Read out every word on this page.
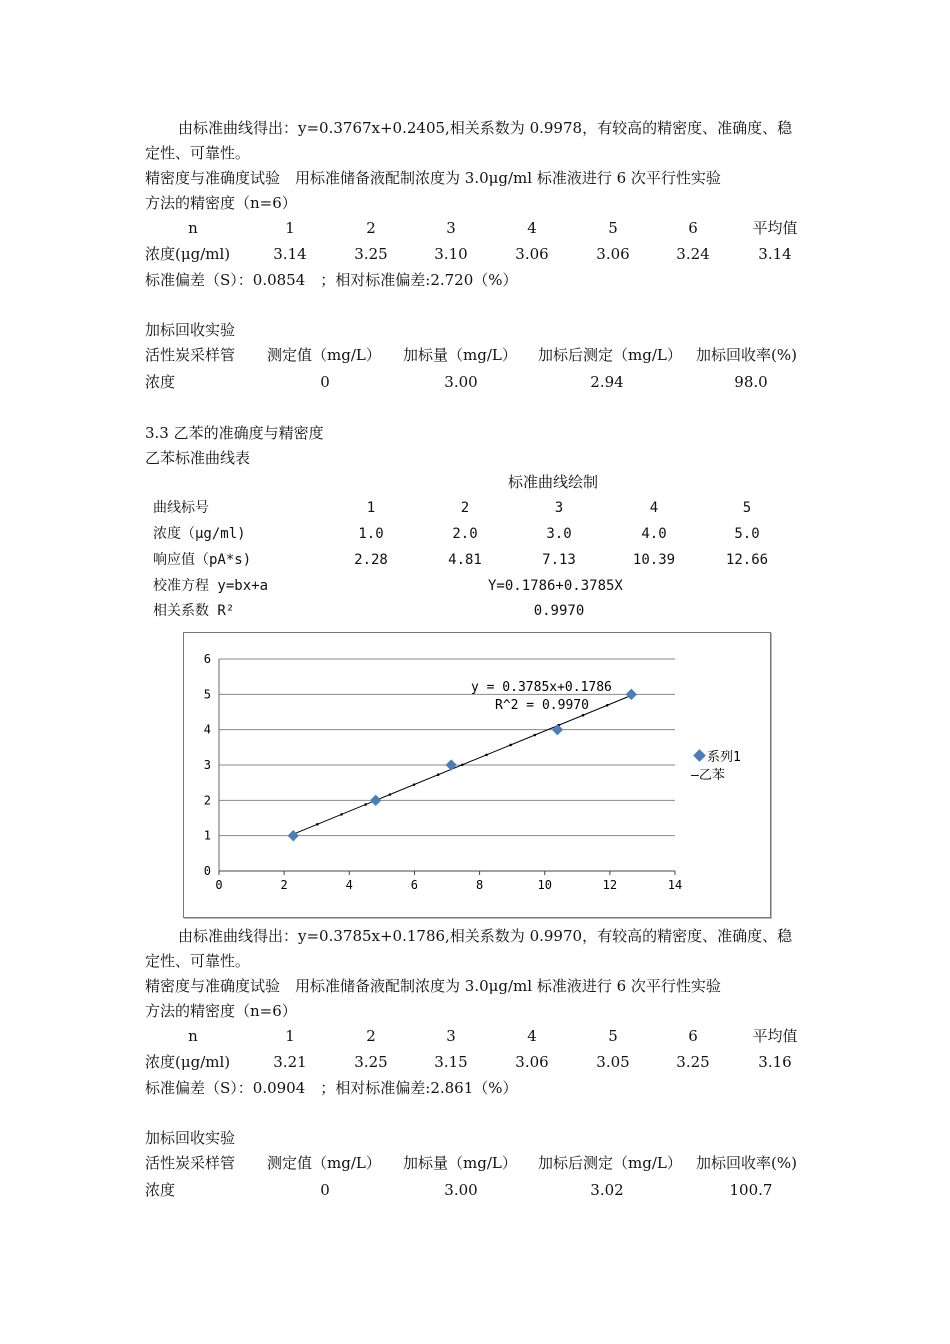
由标准曲线得出：y=0.3767x+0.2405,相关系数为 0.9978，有较高的精密度、准确度、稳
定性、可靠性。
精密度与准确度试验　用标准储备液配制浓度为 3.0μg/ml 标准液进行 6 次平行性实验
方法的精密度（n=6）
n	1	2	3	4	5	6	平均值
浓度(μg/ml)	3.14	3.25	3.10	3.06	3.06	3.24	3.14
标准偏差（S）：0.0854　；相对标准偏差:2.720（%）
加标回收实验
活性炭采样管 测定值（mg/L） 加标量（mg/L） 加标后测定（mg/L） 加标回收率(%)
浓度	0	3.00	2.94	98.0
3.3 乙苯的准确度与精密度
乙苯标准曲线表
标准曲线绘制
曲线标号	1	2	3	4	5
浓度（μg/ml)	1.0	2.0	3.0	4.0	5.0
响应值（pA*s)	2.28	4.81	7.13	10.39	12.66
校准方程 y=bx+a	Y=0.1786+0.3785X
相关系数 R²	0.9970
0
1
2
3
4
5
6
0	2	4	6	8	10	12	14
y = 0.3785x+0.1786
R^2 = 0.9970
系列1
—乙苯
由标准曲线得出：y=0.3785x+0.1786,相关系数为 0.9970，有较高的精密度、准确度、稳
定性、可靠性。
精密度与准确度试验　用标准储备液配制浓度为 3.0μg/ml 标准液进行 6 次平行性实验
方法的精密度（n=6）
n	1	2	3	4	5	6	平均值
浓度(μg/ml)	3.21	3.25	3.15	3.06	3.05	3.25	3.16
标准偏差（S）：0.0904　；相对标准偏差:2.861（%）
加标回收实验
活性炭采样管 测定值（mg/L） 加标量（mg/L） 加标后测定（mg/L） 加标回收率(%)
浓度	0	3.00	3.02	100.7
